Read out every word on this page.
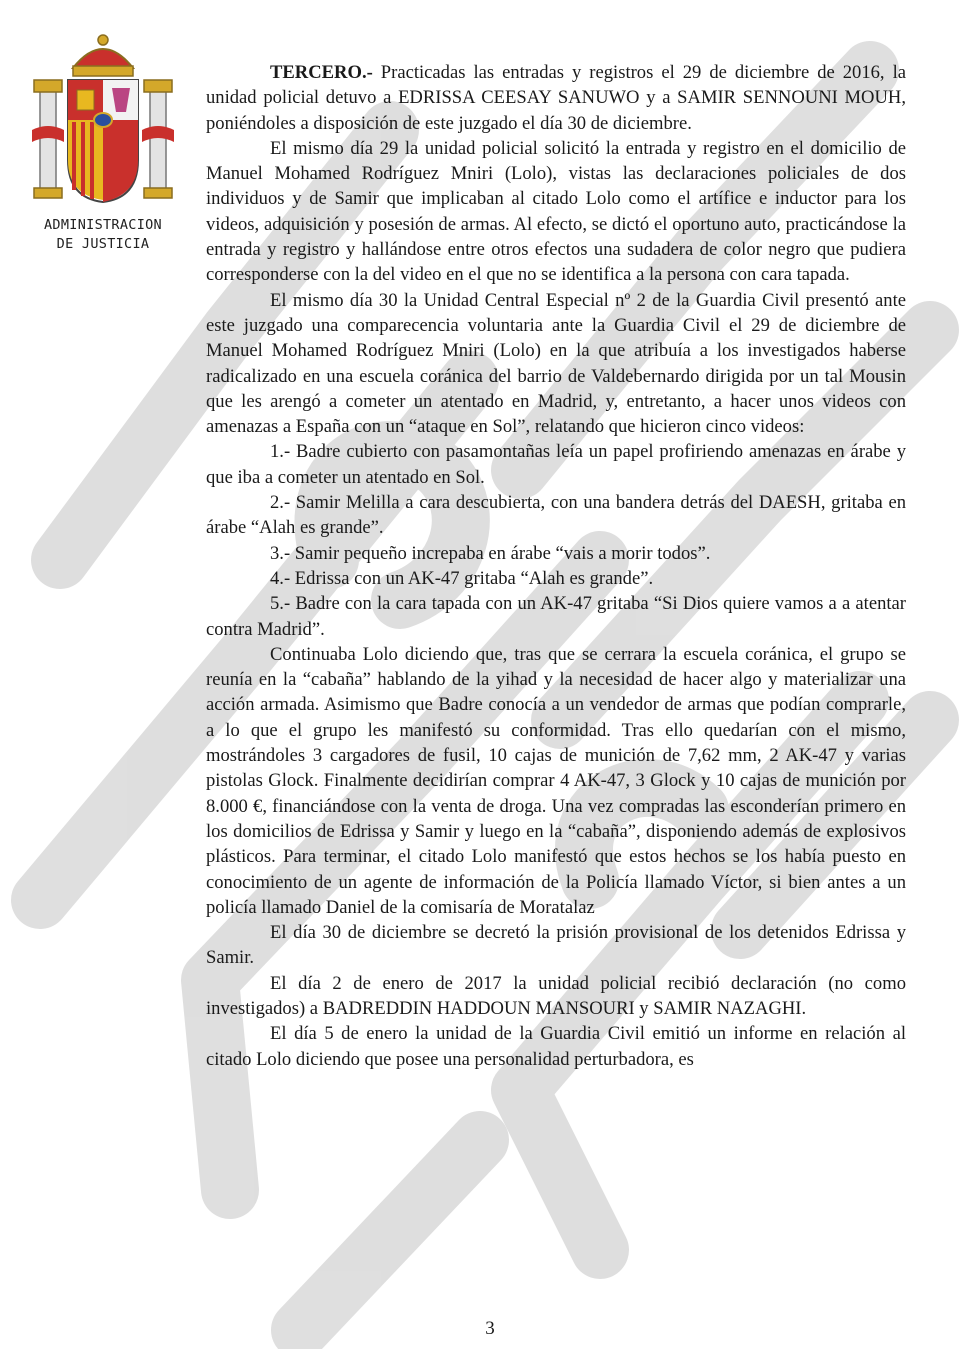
ADMINISTRACION
DE JUSTICIA

TERCERO.- Practicadas las entradas y registros el 29 de diciembre de 2016, la unidad policial detuvo a EDRISSA CEESAY SANUWO y a SAMIR SENNOUNI MOUH, poniéndoles a disposición de este juzgado el día 30 de diciembre.

El mismo día 29 la unidad policial solicitó la entrada y registro en el domicilio de Manuel Mohamed Rodríguez Mniri (Lolo), vistas las declaraciones policiales de dos individuos y de Samir que implicaban al citado Lolo como el artífice e inductor para los videos, adquisición y posesión de armas. Al efecto, se dictó el oportuno auto, practicándose la entrada y registro y hallándose entre otros efectos una sudadera de color negro que pudiera corresponderse con la del video en el que no se identifica a la persona con cara tapada.

El mismo día 30 la Unidad Central Especial nº 2 de la Guardia Civil presentó ante este juzgado una comparecencia voluntaria ante la Guardia Civil el 29 de diciembre de Manuel Mohamed Rodríguez Mniri (Lolo) en la que atribuía a los investigados haberse radicalizado en una escuela coránica del barrio de Valdebernardo dirigida por un tal Mousin que les arengó a cometer un atentado en Madrid, y, entretanto, a hacer unos videos con amenazas a España con un “ataque en Sol”, relatando que hicieron cinco videos:

1.- Badre cubierto con pasamontañas leía un papel profiriendo amenazas en árabe y que iba a cometer un atentado en Sol.

2.- Samir Melilla a cara descubierta, con una bandera detrás del DAESH, gritaba en árabe “Alah es grande”.

3.- Samir pequeño increpaba en árabe “vais a morir todos”.

4.- Edrissa con un AK-47 gritaba “Alah es grande”.

5.- Badre con la cara tapada con un AK-47 gritaba “Si Dios quiere vamos a a atentar contra Madrid”.

Continuaba Lolo diciendo que, tras que se cerrara la escuela coránica, el grupo se reunía en la “cabaña” hablando de la yihad y la necesidad de hacer algo y materializar una acción armada. Asimismo que Badre conocía a un vendedor de armas que podían comprarle, a lo que el grupo les manifestó su conformidad. Tras ello quedarían con el mismo, mostrándoles 3 cargadores de fusil, 10 cajas de munición de 7,62 mm, 2 AK-47 y varias pistolas Glock. Finalmente decidirían comprar 4 AK-47, 3 Glock y 10 cajas de munición por 8.000 €, financiándose con la venta de droga. Una vez compradas las esconderían primero en los domicilios de Edrissa y Samir y luego en la “cabaña”, disponiendo además de explosivos plásticos. Para terminar, el citado Lolo manifestó que estos hechos se los había puesto en conocimiento de un agente de información de la Policía llamado Víctor, si bien antes a un policía llamado Daniel de la comisaría de Moratalaz

El día 30 de diciembre se decretó la prisión provisional de los detenidos Edrissa y Samir.

El día 2 de enero de 2017 la unidad policial recibió declaración (no como investigados) a BADREDDIN HADDOUN MANSOURI y SAMIR NAZAGHI.

El día 5 de enero la unidad de la Guardia Civil emitió un informe en relación al citado Lolo diciendo que posee una personalidad perturbadora, es

3
